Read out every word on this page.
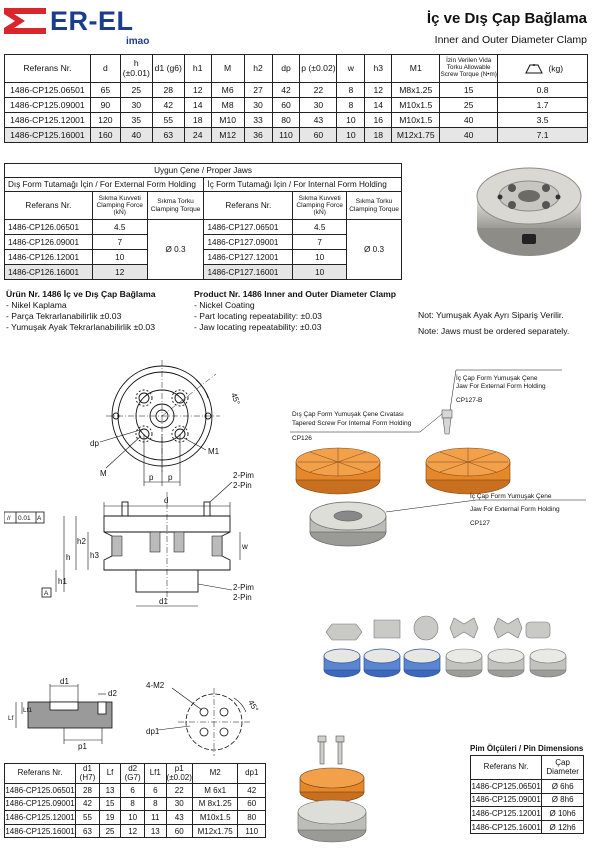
ER-EL
imao
İç ve Dış Çap Bağlama
Inner and Outer Diameter Clamp
Referans Nr.	d	h (±0.01)	d1 (g6)	h1	M	h2	dp	p (±0.02)	w	h3	M1	İzin Verilen Vida Torku Allowable Screw Torque (N•m)	(kg)
1486-CP125.06501	65	25	28	12	M6	27	42	22	8	12	M8x1.25	15	0.8
1486-CP125.09001	90	30	42	14	M8	30	60	30	8	14	M10x1.5	25	1.7
1486-CP125.12001	120	35	55	18	M10	33	80	43	10	16	M10x1.5	40	3.5
1486-CP125.16001	160	40	63	24	M12	36	110	60	10	18	M12x1.75	40	7.1
Uygun Çene / Proper Jaws					
Dış Form Tutamağı İçin / For External Form Holding			İç Form Tutamağı İçin / For Internal Form Holding		
Referans Nr.	Sıkma Kuvveti Clamping Force (kN)	Sıkma Torku Clamping Torque	Referans Nr.	Sıkma Kuvveti Clamping Force (kN)	Sıkma Torku Clamping Torque
1486-CP126.06501	4.5	Ø 0.3	1486-CP127.06501	4.5	Ø 0.3
1486-CP126.09001	7		1486-CP127.09001	7	
1486-CP126.12001	10		1486-CP127.12001	10	
1486-CP126.16001	12		1486-CP127.16001	10	
Ürün Nr. 1486 İç ve Dış Çap Bağlama
- Nikel Kaplama
- Parça Tekrarlanabilirlik ±0.03
- Yumuşak Ayak Tekrarlanabilirlik ±0.03
Product Nr. 1486 Inner and Outer Diameter Clamp
- Nickel Coating
- Part locating repeatability: ±0.03
- Jaw locating repeatability: ±0.03
Not: Yumuşak Ayak Ayrı Sipariş Verilir.
Note: Jaws must be ordered separately.
45°
dp
M
M1
p p
// 0.01 A
A
d
d1
h
h2
h3
h1
w
2-Pim
2-Pin
2-Pim
2-Pin
İç Çap Form Yumuşak Çene
Jaw For External Form Holding
CP127-B
Dış Çap Form Yumuşak Çene Cıvatası
Tapered Screw For Internal Form Holding
CP126
İç Çap Form Yumuşak Çene
Jaw For External Form Holding
CP127
d1
d2
Lf
Lf1
p1
4-M2
dp1
45°
Referans Nr.	d1 (H7)	Lf	d2 (G7)	Lf1	p1 (±0.02)	M2	dp1
1486-CP125.06501	28	13	6	6	22	M 6x1	42
1486-CP125.09001	42	15	8	8	30	M 8x1.25	60
1486-CP125.12001	55	19	10	11	43	M10x1.5	80
1486-CP125.16001	63	25	12	13	60	M12x1.75	110
Pim Ölçüleri / Pin Dimensions
Referans Nr.	Çap Diameter
1486-CP125.06501	Ø 6h6
1486-CP125.09001	Ø 8h6
1486-CP125.12001	Ø 10h6
1486-CP125.16001	Ø 12h6
